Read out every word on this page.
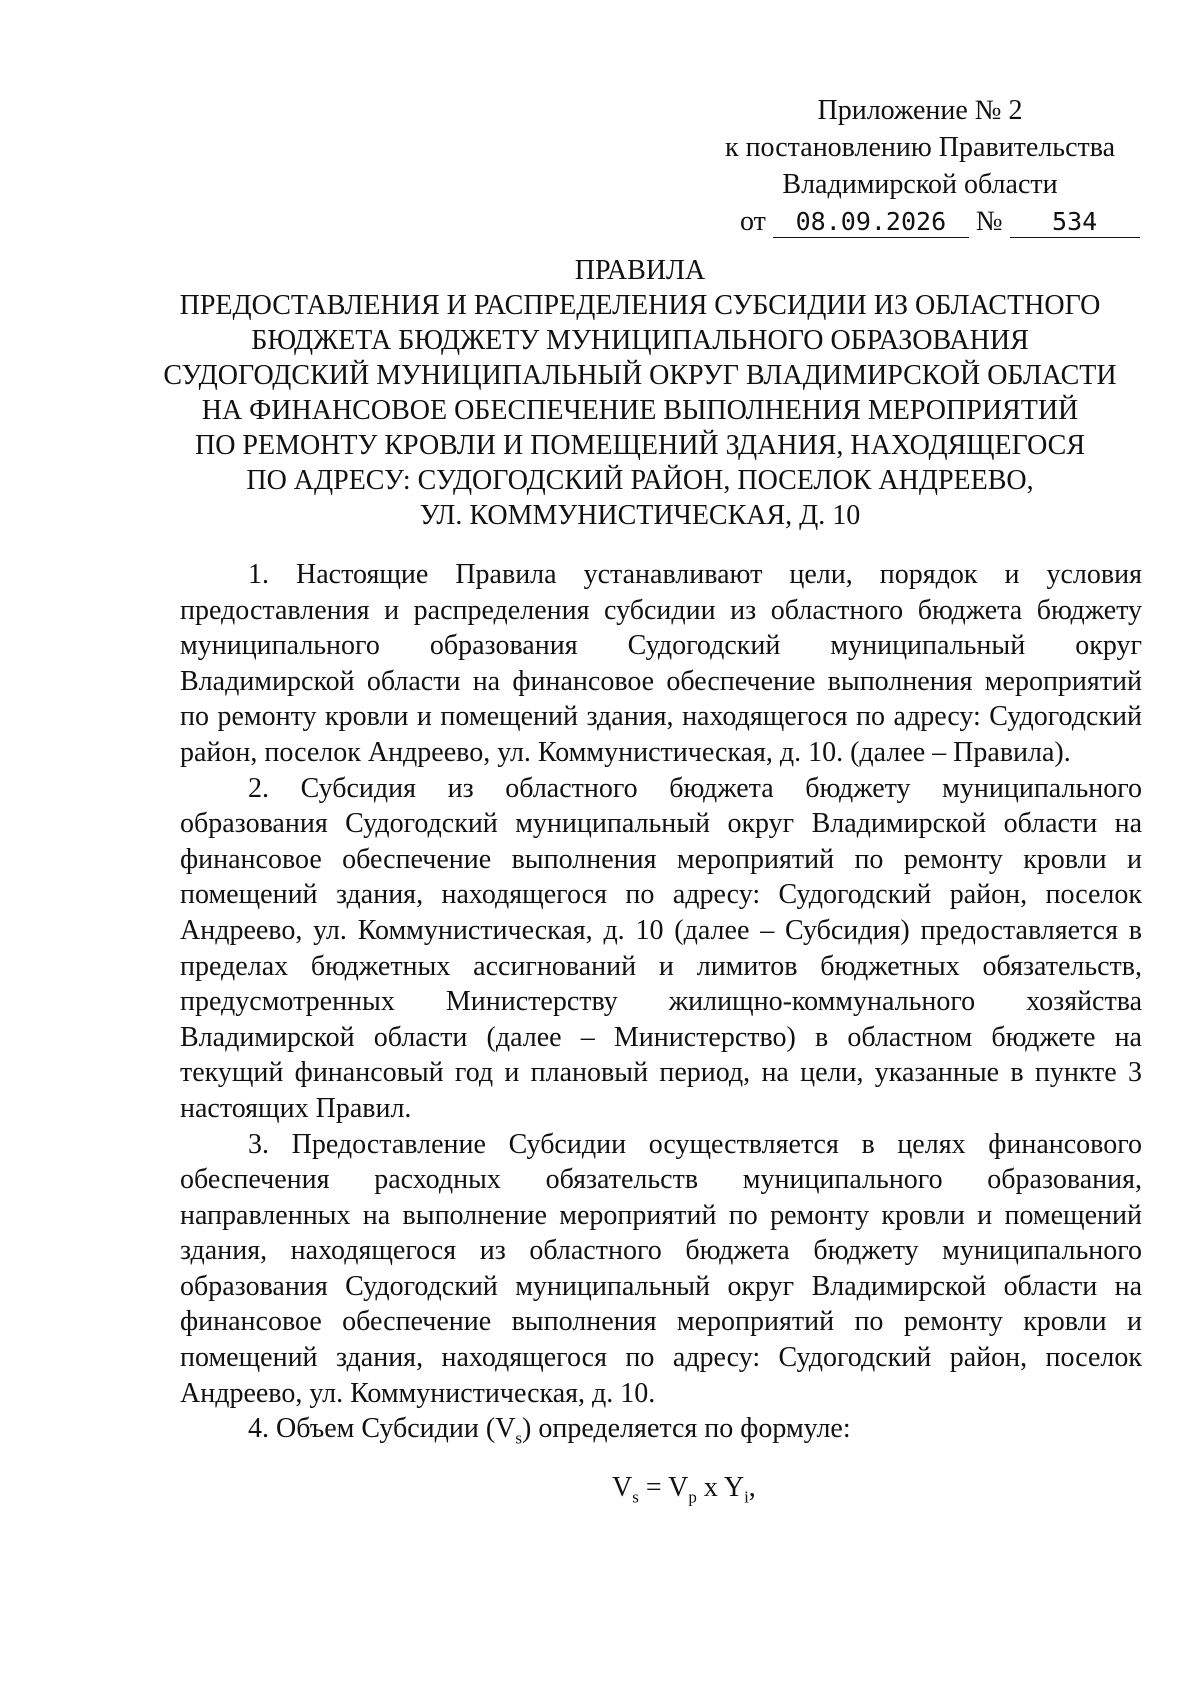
Приложение № 2
к постановлению Правительства
Владимирской области
от 08.09.2026 № 534
ПРАВИЛА
ПРЕДОСТАВЛЕНИЯ И РАСПРЕДЕЛЕНИЯ СУБСИДИИ ИЗ ОБЛАСТНОГО
БЮДЖЕТА БЮДЖЕТУ МУНИЦИПАЛЬНОГО ОБРАЗОВАНИЯ
СУДОГОДСКИЙ МУНИЦИПАЛЬНЫЙ ОКРУГ ВЛАДИМИРСКОЙ ОБЛАСТИ
НА ФИНАНСОВОЕ ОБЕСПЕЧЕНИЕ ВЫПОЛНЕНИЯ МЕРОПРИЯТИЙ
ПО РЕМОНТУ КРОВЛИ И ПОМЕЩЕНИЙ ЗДАНИЯ, НАХОДЯЩЕГОСЯ
ПО АДРЕСУ: СУДОГОДСКИЙ РАЙОН, ПОСЕЛОК АНДРЕЕВО,
УЛ. КОММУНИСТИЧЕСКАЯ, Д. 10

1. Настоящие Правила устанавливают цели, порядок и условия предоставления и распределения субсидии из областного бюджета бюджету муниципального образования Судогодский муниципальный округ Владимирской области на финансовое обеспечение выполнения мероприятий по ремонту кровли и помещений здания, находящегося по адресу: Судогодский район, поселок Андреево, ул. Коммунистическая, д. 10. (далее – Правила).

2. Субсидия из областного бюджета бюджету муниципального образования Судогодский муниципальный округ Владимирской области на финансовое обеспечение выполнения мероприятий по ремонту кровли и помещений здания, находящегося по адресу: Судогодский район, поселок Андреево, ул. Коммунистическая, д. 10 (далее – Субсидия) предоставляется в пределах бюджетных ассигнований и лимитов бюджетных обязательств, предусмотренных Министерству жилищно-коммунального хозяйства Владимирской области (далее – Министерство) в областном бюджете на текущий финансовый год и плановый период, на цели, указанные в пункте 3 настоящих Правил.

3. Предоставление Субсидии осуществляется в целях финансового обеспечения расходных обязательств муниципального образования, направленных на выполнение мероприятий по ремонту кровли и помещений здания, находящегося из областного бюджета бюджету муниципального образования Судогодский муниципальный округ Владимирской области на финансовое обеспечение выполнения мероприятий по ремонту кровли и помещений здания, находящегося по адресу: Судогодский район, поселок Андреево, ул. Коммунистическая, д. 10.

4. Объем Субсидии $(V_s)$ определяется по формуле:

$V_s = V_p$ x $Y_i$,
